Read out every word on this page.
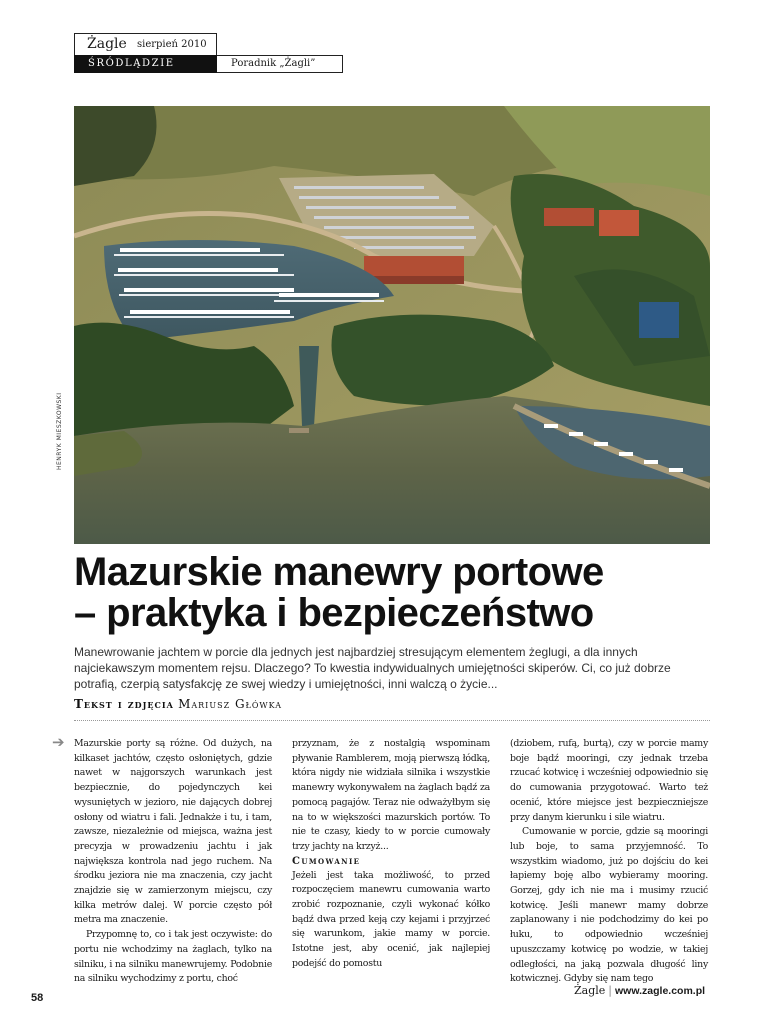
Żagle sierpień 2010
ŚRÓDLĄDZIE	Poradnik „Żagli”
HENRYK MIESZKOWSKI
Mazurskie manewry portowe
– praktyka i bezpieczeństwo

Manewrowanie jachtem w porcie dla jednych jest najbardziej stresującym elementem żeglugi, a dla innych najciekawszym momentem rejsu. Dlaczego? To kwestia indywidualnych umiejętności skiperów. Ci, co już dobrze potrafią, czerpią satysfakcję ze swej wiedzy i umiejętności, inni walczą o życie...

Tekst i zdjęcia Mariusz Główka
➔ Mazurskie porty są różne. Od dużych, na kilkaset jachtów, często osłoniętych, gdzie nawet w najgorszych warunkach jest bezpiecznie, do pojedynczych kei wysuniętych w jezioro, nie dających dobrej osłony od wiatru i fali. Jednakże i tu, i tam, zawsze, niezależnie od miejsca, ważna jest precyzja w prowadzeniu jachtu i jak największa kontrola nad jego ruchem. Na środku jeziora nie ma znaczenia, czy jacht znajdzie się w zamierzonym miejscu, czy kilka metrów dalej. W porcie często pół metra ma znaczenie.

Przypomnę to, co i tak jest oczywiste: do portu nie wchodzimy na żaglach, tylko na silniku, i na silniku manewrujemy. Podobnie na silniku wychodzimy z portu, choć

przyznam, że z nostalgią wspominam pływanie Ramblerem, moją pierwszą łódką, która nigdy nie widziała silnika i wszystkie manewry wykonywałem na żaglach bądź za pomocą pagajów. Teraz nie odważyłbym się na to w większości mazurskich portów. To nie te czasy, kiedy to w porcie cumowały trzy jachty na krzyż...

Cumowanie

Jeżeli jest taka możliwość, to przed rozpoczęciem manewru cumowania warto zrobić rozpoznanie, czyli wykonać kółko bądź dwa przed keją czy kejami i przyjrzeć się warunkom, jakie mamy w porcie. Istotne jest, aby ocenić, jak najlepiej podejść do pomostu

(dziobem, rufą, burtą), czy w porcie mamy boje bądź mooringi, czy jednak trzeba rzucać kotwicę i wcześniej odpowiednio się do cumowania przygotować. Warto też ocenić, które miejsce jest bezpieczniejsze przy danym kierunku i sile wiatru.

Cumowanie w porcie, gdzie są mooringi lub boje, to sama przyjemność. To wszystkim wiadomo, już po dojściu do kei łapiemy boję albo wybieramy mooring. Gorzej, gdy ich nie ma i musimy rzucić kotwicę. Jeśli manewr mamy dobrze zaplanowany i nie podchodzimy do kei po łuku, to odpowiednio wcześniej upuszczamy kotwicę po wodzie, w takiej odległości, na jaką pozwala długość liny kotwicznej. Gdyby się nam tego

58
Żagle | www.zagle.com.pl
